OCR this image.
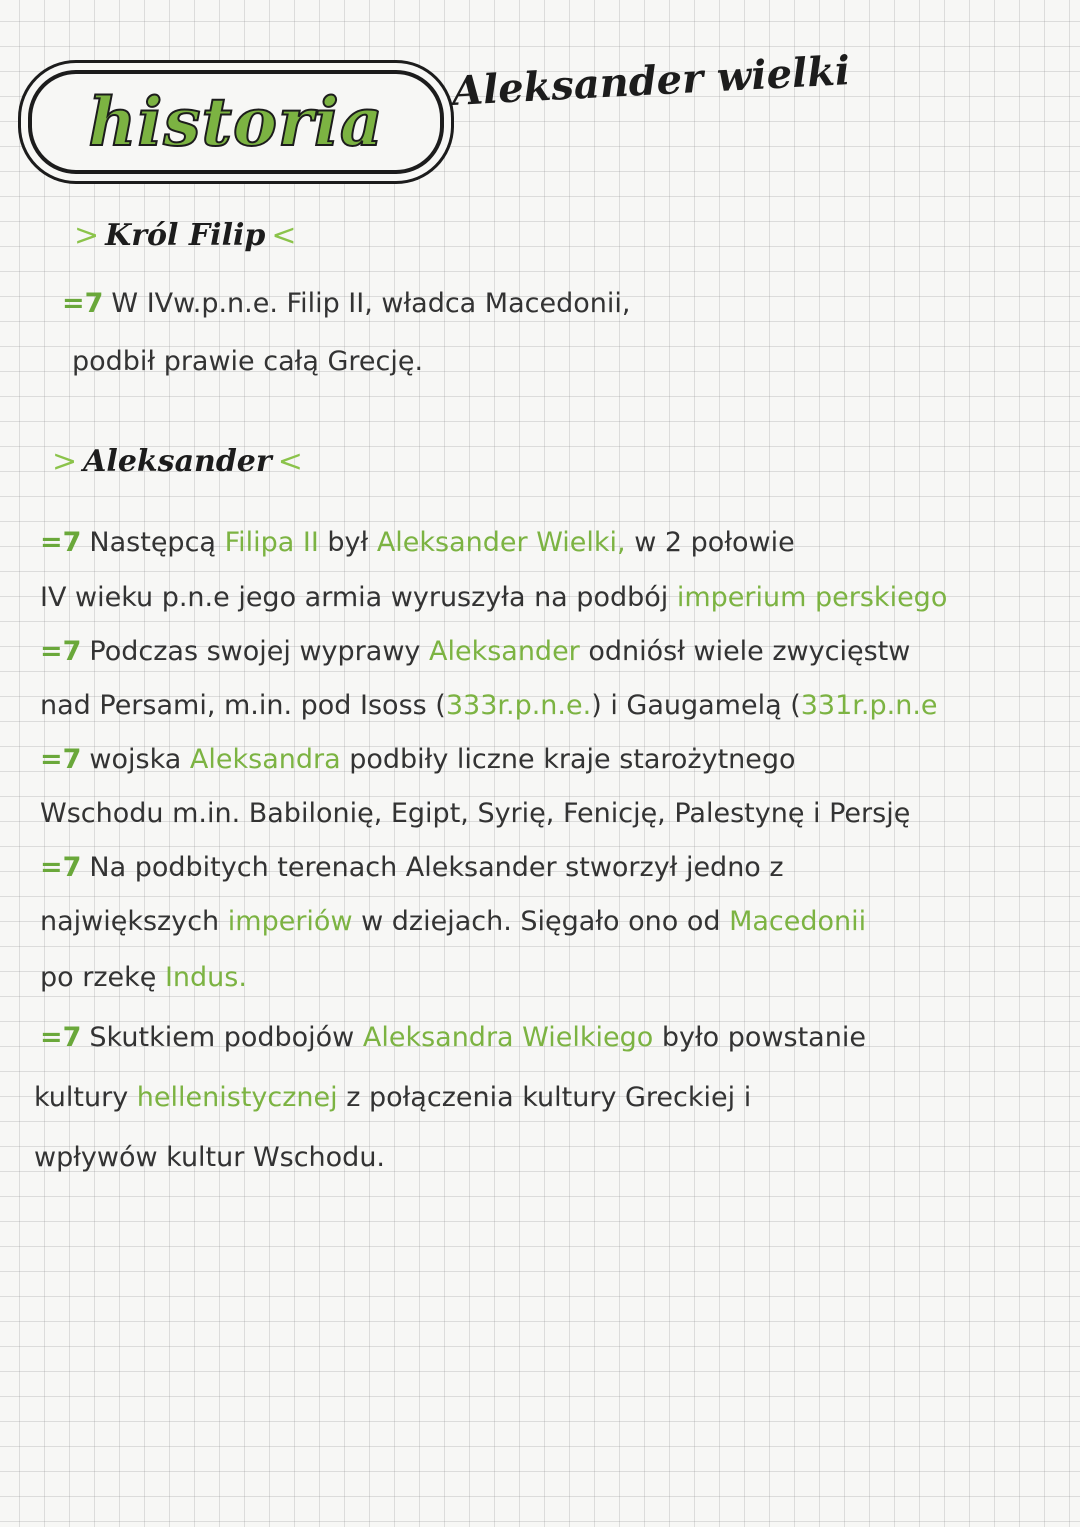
historia
Aleksander wielki
> Król Filip <
=7 W IVw.p.n.e. Filip II, władca Macedonii,
podbił prawie całą Grecję.
> Aleksander <
=7 Następcą Filipa II był Aleksander Wielki, w 2 połowie
IV wieku p.n.e jego armia wyruszyła na podbój imperium perskiego
=7 Podczas swojej wyprawy Aleksander odniósł wiele zwycięstw
nad Persami, m.in. pod Isoss (333r.p.n.e.) i Gaugamelą (331r.p.n.e
=7 wojska Aleksandra podbiły liczne kraje starożytnego
Wschodu m.in. Babilonię, Egipt, Syrię, Fenicję, Palestynę i Persję
=7 Na podbitych terenach Aleksander stworzył jedno z
największych imperiów w dziejach. Sięgało ono od Macedonii
po rzekę Indus.
=7 Skutkiem podbojów Aleksandra Wielkiego było powstanie
kultury hellenistycznej z połączenia kultury Greckiej i
wpływów kultur Wschodu.
